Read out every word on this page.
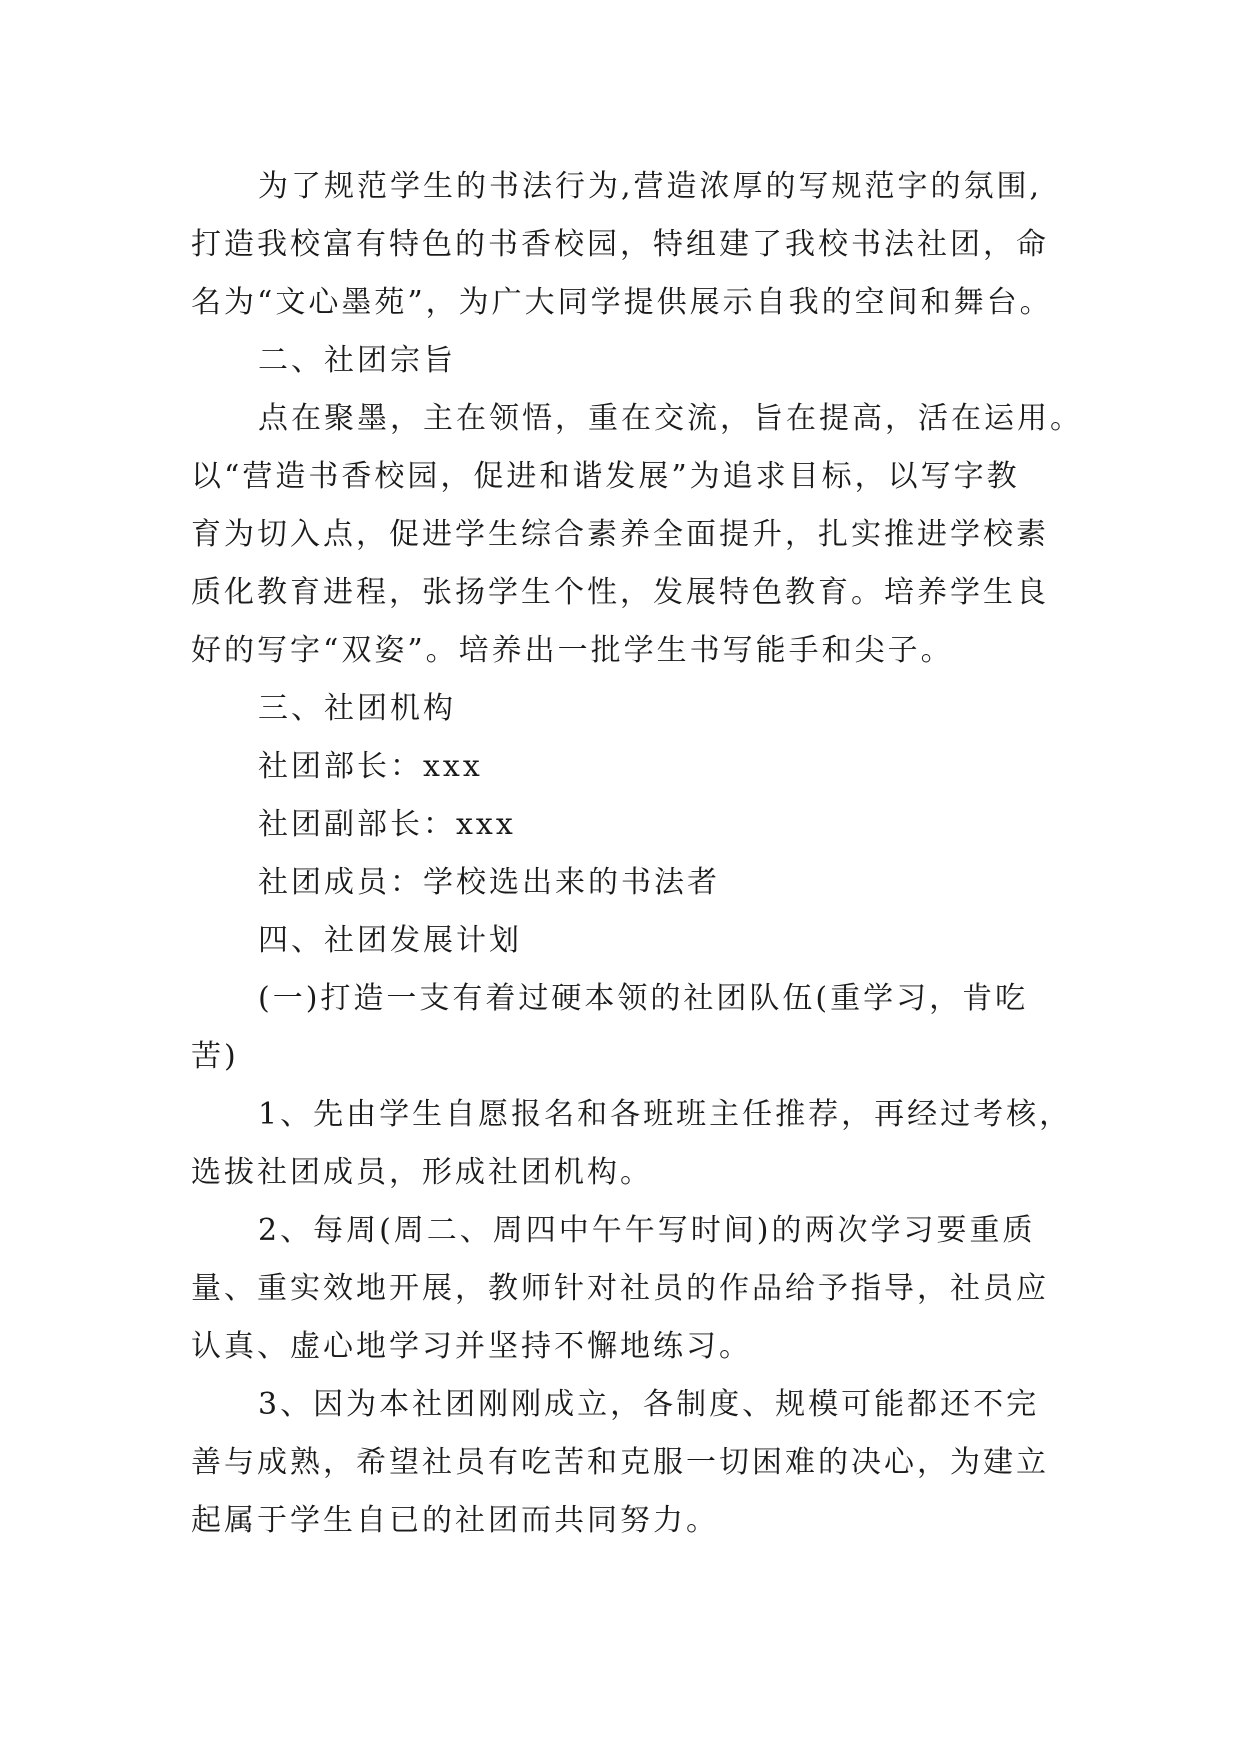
为了规范学生的书法行为,营造浓厚的写规范字的氛围,
打造我校富有特色的书香校园，特组建了我校书法社团，命
名为“文心墨苑”，为广大同学提供展示自我的空间和舞台。
二、社团宗旨
点在聚墨，主在领悟，重在交流，旨在提高，活在运用。
以“营造书香校园，促进和谐发展”为追求目标，以写字教
育为切入点，促进学生综合素养全面提升，扎实推进学校素
质化教育进程，张扬学生个性，发展特色教育。培养学生良
好的写字“双姿”。培养出一批学生书写能手和尖子。
三、社团机构
社团部长：xxx
社团副部长：xxx
社团成员：学校选出来的书法者
四、社团发展计划
(一)打造一支有着过硬本领的社团队伍(重学习，肯吃
苦)
1、先由学生自愿报名和各班班主任推荐，再经过考核，
选拔社团成员，形成社团机构。
2、每周(周二、周四中午午写时间)的两次学习要重质
量、重实效地开展，教师针对社员的作品给予指导，社员应
认真、虚心地学习并坚持不懈地练习。
3、因为本社团刚刚成立，各制度、规模可能都还不完
善与成熟，希望社员有吃苦和克服一切困难的决心，为建立
起属于学生自已的社团而共同努力。
